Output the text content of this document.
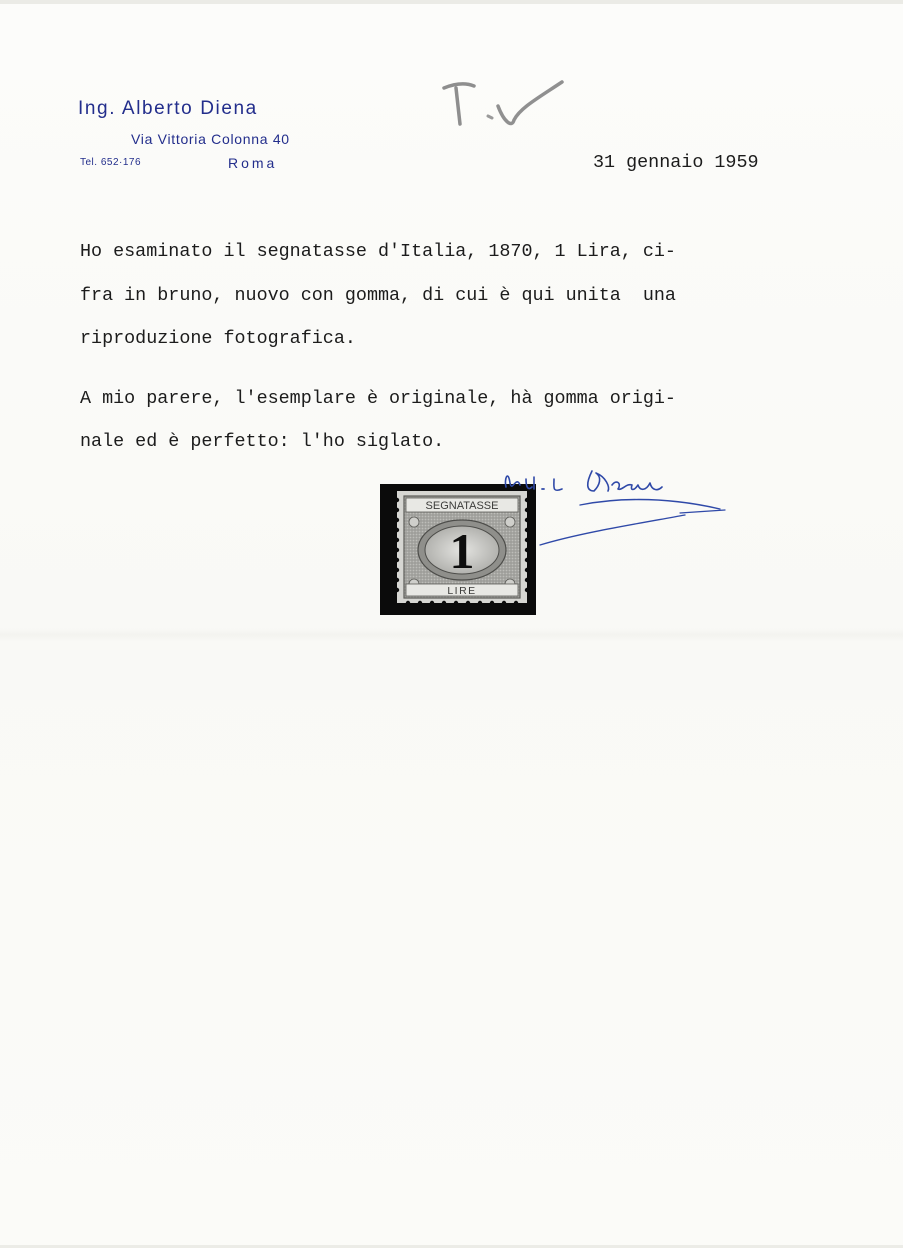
Ing. Alberto Diena
Via Vittoria Colonna 40
Tel. 652·176	Roma	31 gennaio 1959
Ho esaminato il segnatasse d'Italia, 1870, 1 Lira, ci-
fra in bruno, nuovo con gomma, di cui è qui unita  una
riproduzione fotografica.
A mio parere, l'esemplare è originale, hà gomma origi-
nale ed è perfetto: l'ho siglato.
SEGNATASSE
1
LIRE
